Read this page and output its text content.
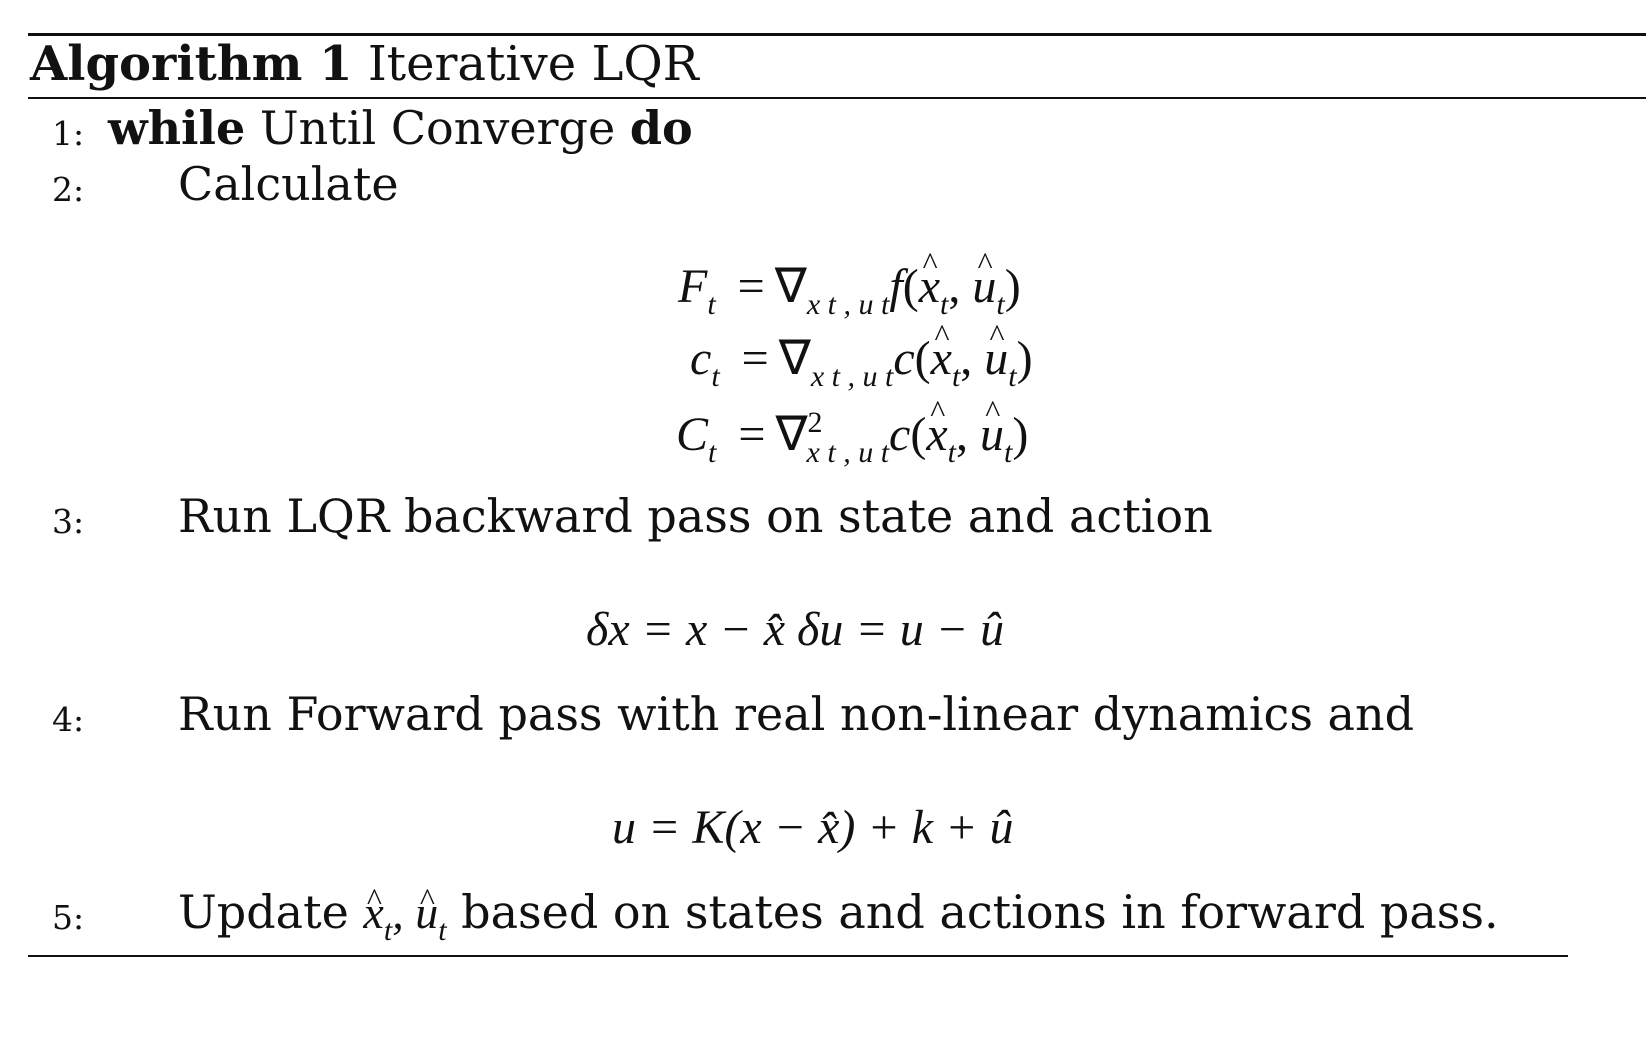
Algorithm 1 Iterative LQR
1: while Until Converge do
2: Calculate
$F_t = \nabla_{x t , u t}f(x$ $\^{}_t$, u $\^{}_t$)
$c_t = \nabla_{x t , u t}c(x$ $\^{}_t$, u $\^{}_t$)
$C_t = \nabla^2_{x t , u t}c(x$ $\^{}_t$, u $\^{}_t$)
3: Run LQR backward pass on state and action
δx = x − x̂ δu = u − û
4: Run Forward pass with real non-linear dynamics and
u = K(x − x̂) + k + û
5: Update x $\^{}_t$, u $\^{}_t$ based on states and actions in forward pass.
